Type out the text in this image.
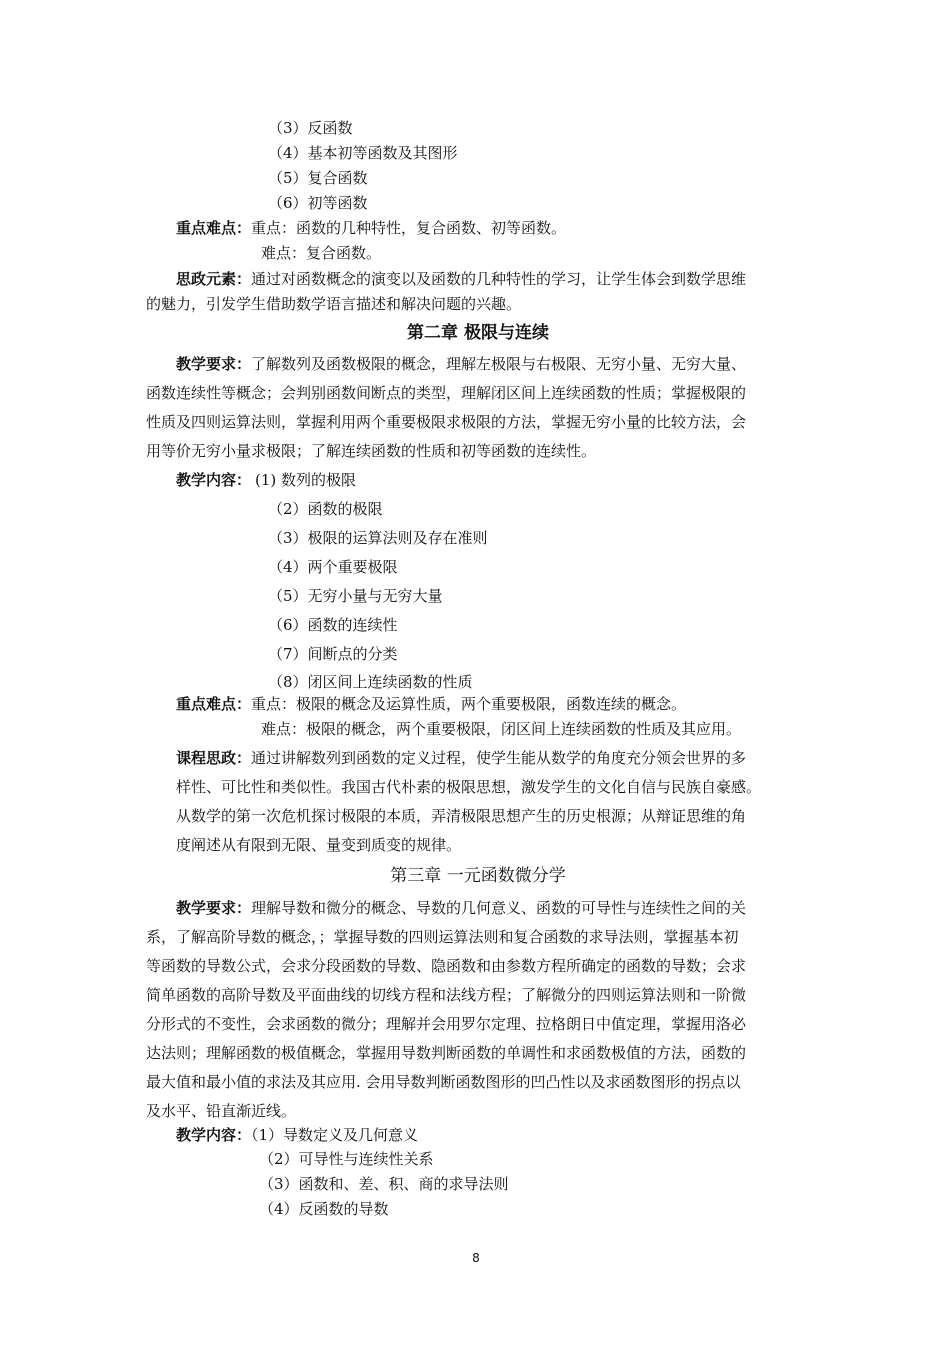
（3）反函数
（4）基本初等函数及其图形
（5）复合函数
（6）初等函数
重点难点：重点：函数的几种特性，复合函数、初等函数。
难点：复合函数。
思政元素：通过对函数概念的演变以及函数的几种特性的学习，让学生体会到数学思维
的魅力，引发学生借助数学语言描述和解决问题的兴趣。
第二章 极限与连续
教学要求：了解数列及函数极限的概念，理解左极限与右极限、无穷小量、无穷大量、
函数连续性等概念；会判别函数间断点的类型，理解闭区间上连续函数的性质；掌握极限的
性质及四则运算法则，掌握利用两个重要极限求极限的方法，掌握无穷小量的比较方法，会
用等价无穷小量求极限；了解连续函数的性质和初等函数的连续性。
教学内容： (1) 数列的极限
（2）函数的极限
（3）极限的运算法则及存在准则
（4）两个重要极限
（5）无穷小量与无穷大量
（6）函数的连续性
（7）间断点的分类
（8）闭区间上连续函数的性质
重点难点：重点：极限的概念及运算性质，两个重要极限，函数连续的概念。
难点：极限的概念，两个重要极限，闭区间上连续函数的性质及其应用。
课程思政：通过讲解数列到函数的定义过程，使学生能从数学的角度充分领会世界的多
样性、可比性和类似性。我国古代朴素的极限思想，激发学生的文化自信与民族自豪感。
从数学的第一次危机探讨极限的本质，弄清极限思想产生的历史根源；从辩证思维的角
度阐述从有限到无限、量变到质变的规律。
第三章 一元函数微分学
教学要求：理解导数和微分的概念、导数的几何意义、函数的可导性与连续性之间的关
系，了解高阶导数的概念，；掌握导数的四则运算法则和复合函数的求导法则，掌握基本初
等函数的导数公式，会求分段函数的导数、隐函数和由参数方程所确定的函数的导数；会求
简单函数的高阶导数及平面曲线的切线方程和法线方程；了解微分的四则运算法则和一阶微
分形式的不变性，会求函数的微分；理解并会用罗尔定理、拉格朗日中值定理，掌握用洛必
达法则；理解函数的极值概念，掌握用导数判断函数的单调性和求函数极值的方法，函数的
最大值和最小值的求法及其应用. 会用导数判断函数图形的凹凸性以及求函数图形的拐点以
及水平、铅直渐近线。
教学内容：（1）导数定义及几何意义
（2）可导性与连续性关系
（3）函数和、差、积、商的求导法则
（4）反函数的导数
8
